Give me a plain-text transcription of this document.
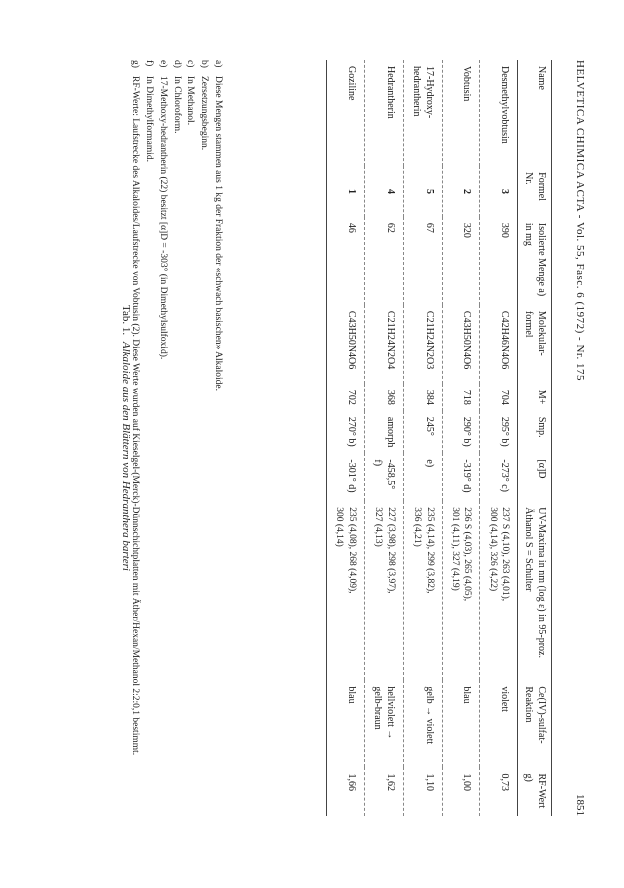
HELVETICA CHIMICA ACTA - Vol. 55, Fasc. 6 (1972) - Nr. 175
1851
Name	Formel Nr.	Isolierte Menge a) in mg	Molekular-formel	M+	Smp.	[α]D	UV-Maxima in nm (log ε) in 95-proz. Äthanol S = Schulter	Ce(IV)-sulfat-Reaktion	RF-Wert g)
Desmethylvobtusin	3	390	C42H46N4O6	704	295° b)	-273° c)	237 S (4,10), 263 (4,01),
300 (4,14), 326 (4,22)	violett	0,73
Vobtusin	2	320	C43H50N4O6	718	290° b)	-319° d)	236 S (4,03), 265 (4,05),
301 (4,11), 327 (4,19)	blau	1,00
17-Hydroxy-hedrantherin	5	67	C21H24N2O3	384	245°	e)	235 (4,14), 299 (3,82),
336 (4,21)	gelb → violett	1,10
Hedrantherin	4	62	C21H24N2O4	368	amorph	-458,5° f)	227 (3,98), 298 (3,97),
327 (4,13)	hellviolett →
gelb-braun	1,62
Goziline	1	46	C43H50N4O6	702	270° b)	-301° d)	235 (4,08), 268 (4,09),
300 (4,14)	blau	1,66
a)
Diese Mengen stammen aus 1 kg der Fraktion der «schwach basischen» Alkaloide.
b)
Zersetzungsbeginn.
c)
In Methanol.
d)
In Chloroform.
e)
17-Methoxy-hedrantherin (22) besitzt [α]D = -303° (in Dimethylsulfoxid).
f)
In Dimethylformamid.
g)
RF-Werte: Laufstrecke des Alkaloides/Laufstrecke von Vobtusin (2). Diese Werte wurden auf Kieselgel-(Merck)-Dünnschichtplatten mit Äther/Hexan/Methanol 2:2:0,1 bestimmt.
Tab. 1. Alkaloide aus den Blättern von Hedranthera barteri
